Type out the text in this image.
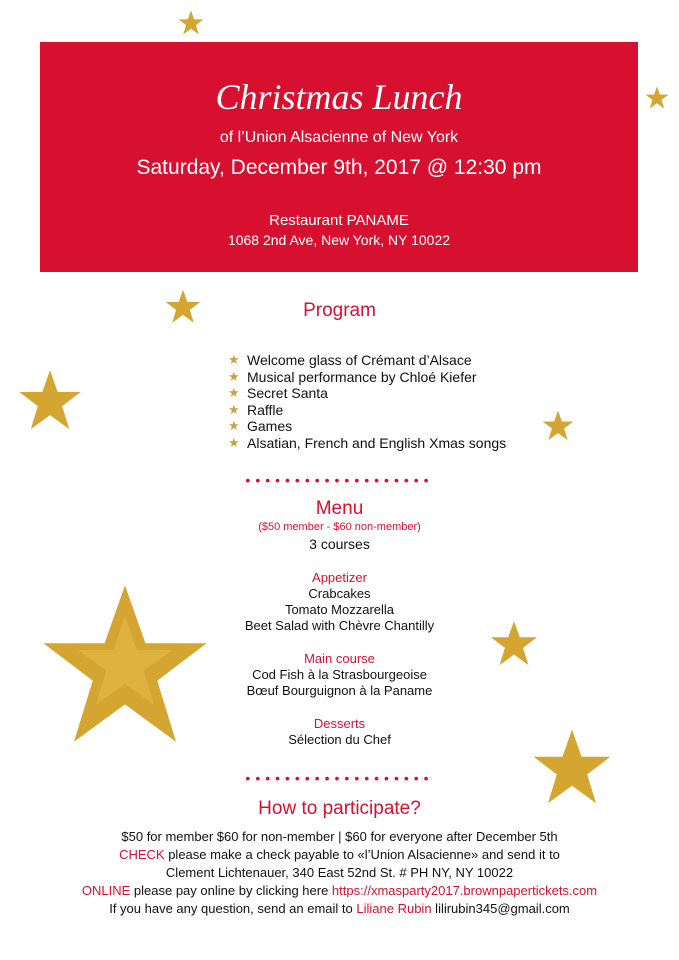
Christmas Lunch
of l’Union Alsacienne of New York
Saturday, December 9th, 2017 @ 12:30 pm
Restaurant PANAME
1068 2nd Ave, New York, NY 10022
Program
★ Welcome glass of Crémant d’Alsace
★ Musical performance by Chloé Kiefer
★ Secret Santa
★ Raffle
★ Games
★ Alsatian, French and English Xmas songs
•••••••••••••••••••
Menu
($50 member - $60 non-member)
3 courses
Appetizer
Crabcakes
Tomato Mozzarella
Beet Salad with Chèvre Chantilly
Main course
Cod Fish à la Strasbourgeoise
Bœuf Bourguignon à la Paname
Desserts
Sélection du Chef
•••••••••••••••••••
How to participate?
$50 for member $60 for non-member | $60 for everyone after December 5th
CHECK please make a check payable to «l’Union Alsacienne» and send it to
Clement Lichtenauer, 340 East 52nd St. # PH NY, NY 10022
ONLINE please pay online by clicking here https://xmasparty2017.brownpapertickets.com
If you have any question, send an email to Liliane Rubin lilirubin345@gmail.com
